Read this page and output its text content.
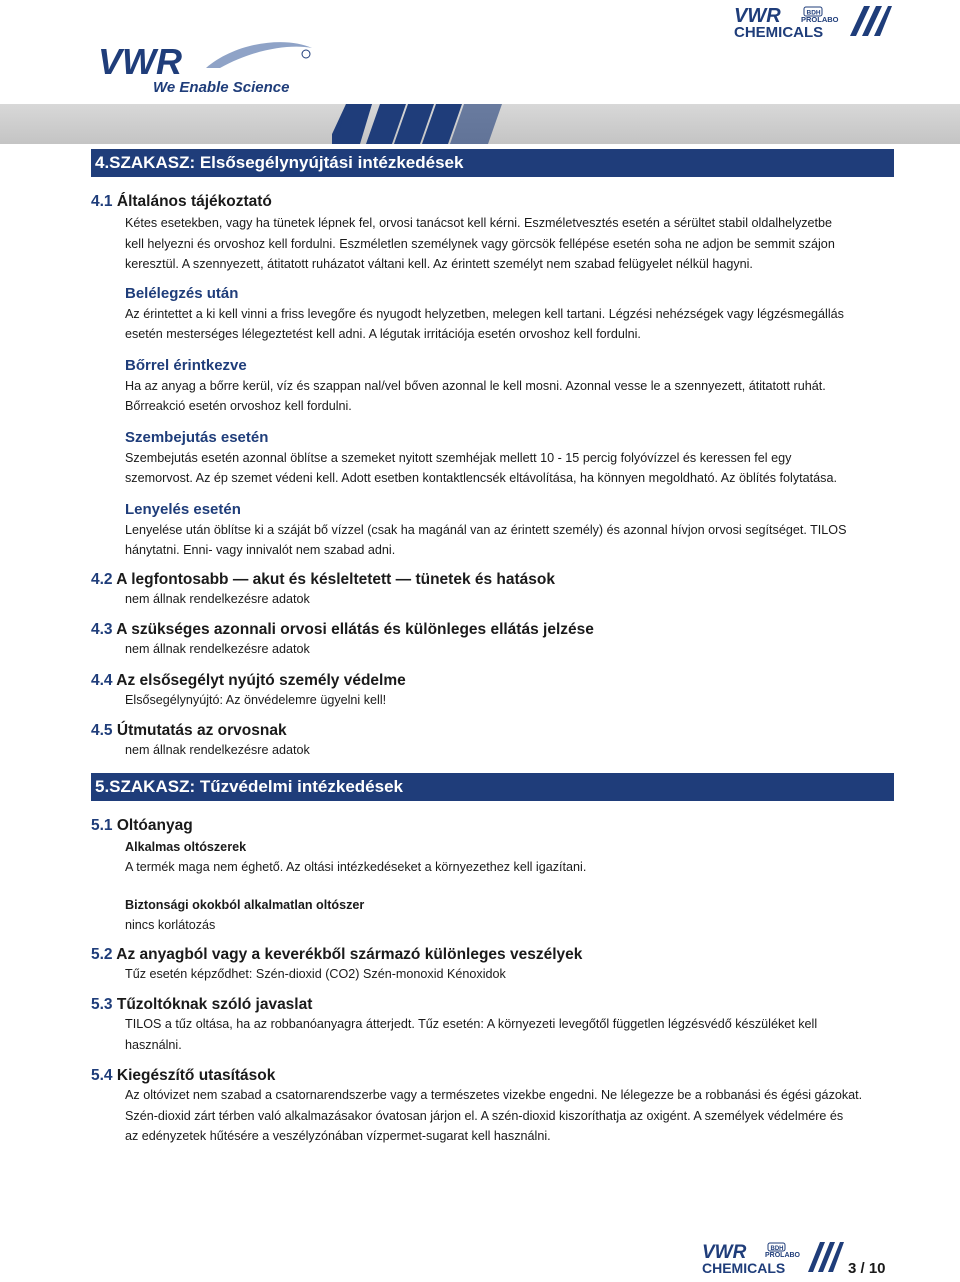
VWR
We Enable Science
VWR	BDH
PROLABO
CHEMICALS
4.SZAKASZ: Elsősegélynyújtási intézkedések

4.1 Általános tájékoztató

Kétes esetekben, vagy ha tünetek lépnek fel, orvosi tanácsot kell kérni. Eszméletvesztés esetén a sérültet stabil oldalhelyzetbe
kell helyezni és orvoshoz kell fordulni. Eszméletlen személynek vagy görcsök fellépése esetén soha ne adjon be semmit szájon
keresztül. A szennyezett, átitatott ruházatot váltani kell. Az érintett személyt nem szabad felügyelet nélkül hagyni.

Belélegzés után

Az érintettet a ki kell vinni a friss levegőre és nyugodt helyzetben, melegen kell tartani. Légzési nehézségek vagy légzésmegállás
esetén mesterséges lélegeztetést kell adni. A légutak irritációja esetén orvoshoz kell fordulni.

Bőrrel érintkezve

Ha az anyag a bőrre kerül, víz és szappan nal/vel bőven azonnal le kell mosni. Azonnal vesse le a szennyezett, átitatott ruhát.
Bőrreakció esetén orvoshoz kell fordulni.

Szembejutás esetén

Szembejutás esetén azonnal öblítse a szemeket nyitott szemhéjak mellett 10 - 15 percig folyóvízzel és keressen fel egy
szemorvost. Az ép szemet védeni kell. Adott esetben kontaktlencsék eltávolítása, ha könnyen megoldható. Az öblítés folytatása.

Lenyelés esetén

Lenyelése után öblítse ki a száját bő vízzel (csak ha magánál van az érintett személy) és azonnal hívjon orvosi segítséget. TILOS
hánytatni. Enni- vagy innivalót nem szabad adni.

4.2 A legfontosabb — akut és késleltetett — tünetek és hatások

nem állnak rendelkezésre adatok

4.3 A szükséges azonnali orvosi ellátás és különleges ellátás jelzése

nem állnak rendelkezésre adatok

4.4 Az elsősegélyt nyújtó személy védelme

Elsősegélynyújtó: Az önvédelemre ügyelni kell!

4.5 Útmutatás az orvosnak

nem állnak rendelkezésre adatok

5.SZAKASZ: Tűzvédelmi intézkedések

5.1 Oltóanyag

Alkalmas oltószerek

A termék maga nem éghető. Az oltási intézkedéseket a környezethez kell igazítani.

Biztonsági okokból alkalmatlan oltószer

nincs korlátozás

5.2 Az anyagból vagy a keverékből származó különleges veszélyek

Tűz esetén képződhet: Szén-dioxid (CO2) Szén-monoxid Kénoxidok

5.3 Tűzoltóknak szóló javaslat

TILOS a tűz oltása, ha az robbanóanyagra átterjedt. Tűz esetén: A környezeti levegőtől független légzésvédő készüléket kell
használni.

5.4 Kiegészítő utasítások

Az oltóvizet nem szabad a csatornarendszerbe vagy a természetes vizekbe engedni. Ne lélegezze be a robbanási és égési gázokat.
Szén-dioxid zárt térben való alkalmazásakor óvatosan járjon el. A szén-dioxid kiszoríthatja az oxigént. A személyek védelmére és
az edényzetek hűtésére a veszélyzónában vízpermet-sugarat kell használni.

VWR	BDH
PROLABO
CHEMICALS	3 / 10
